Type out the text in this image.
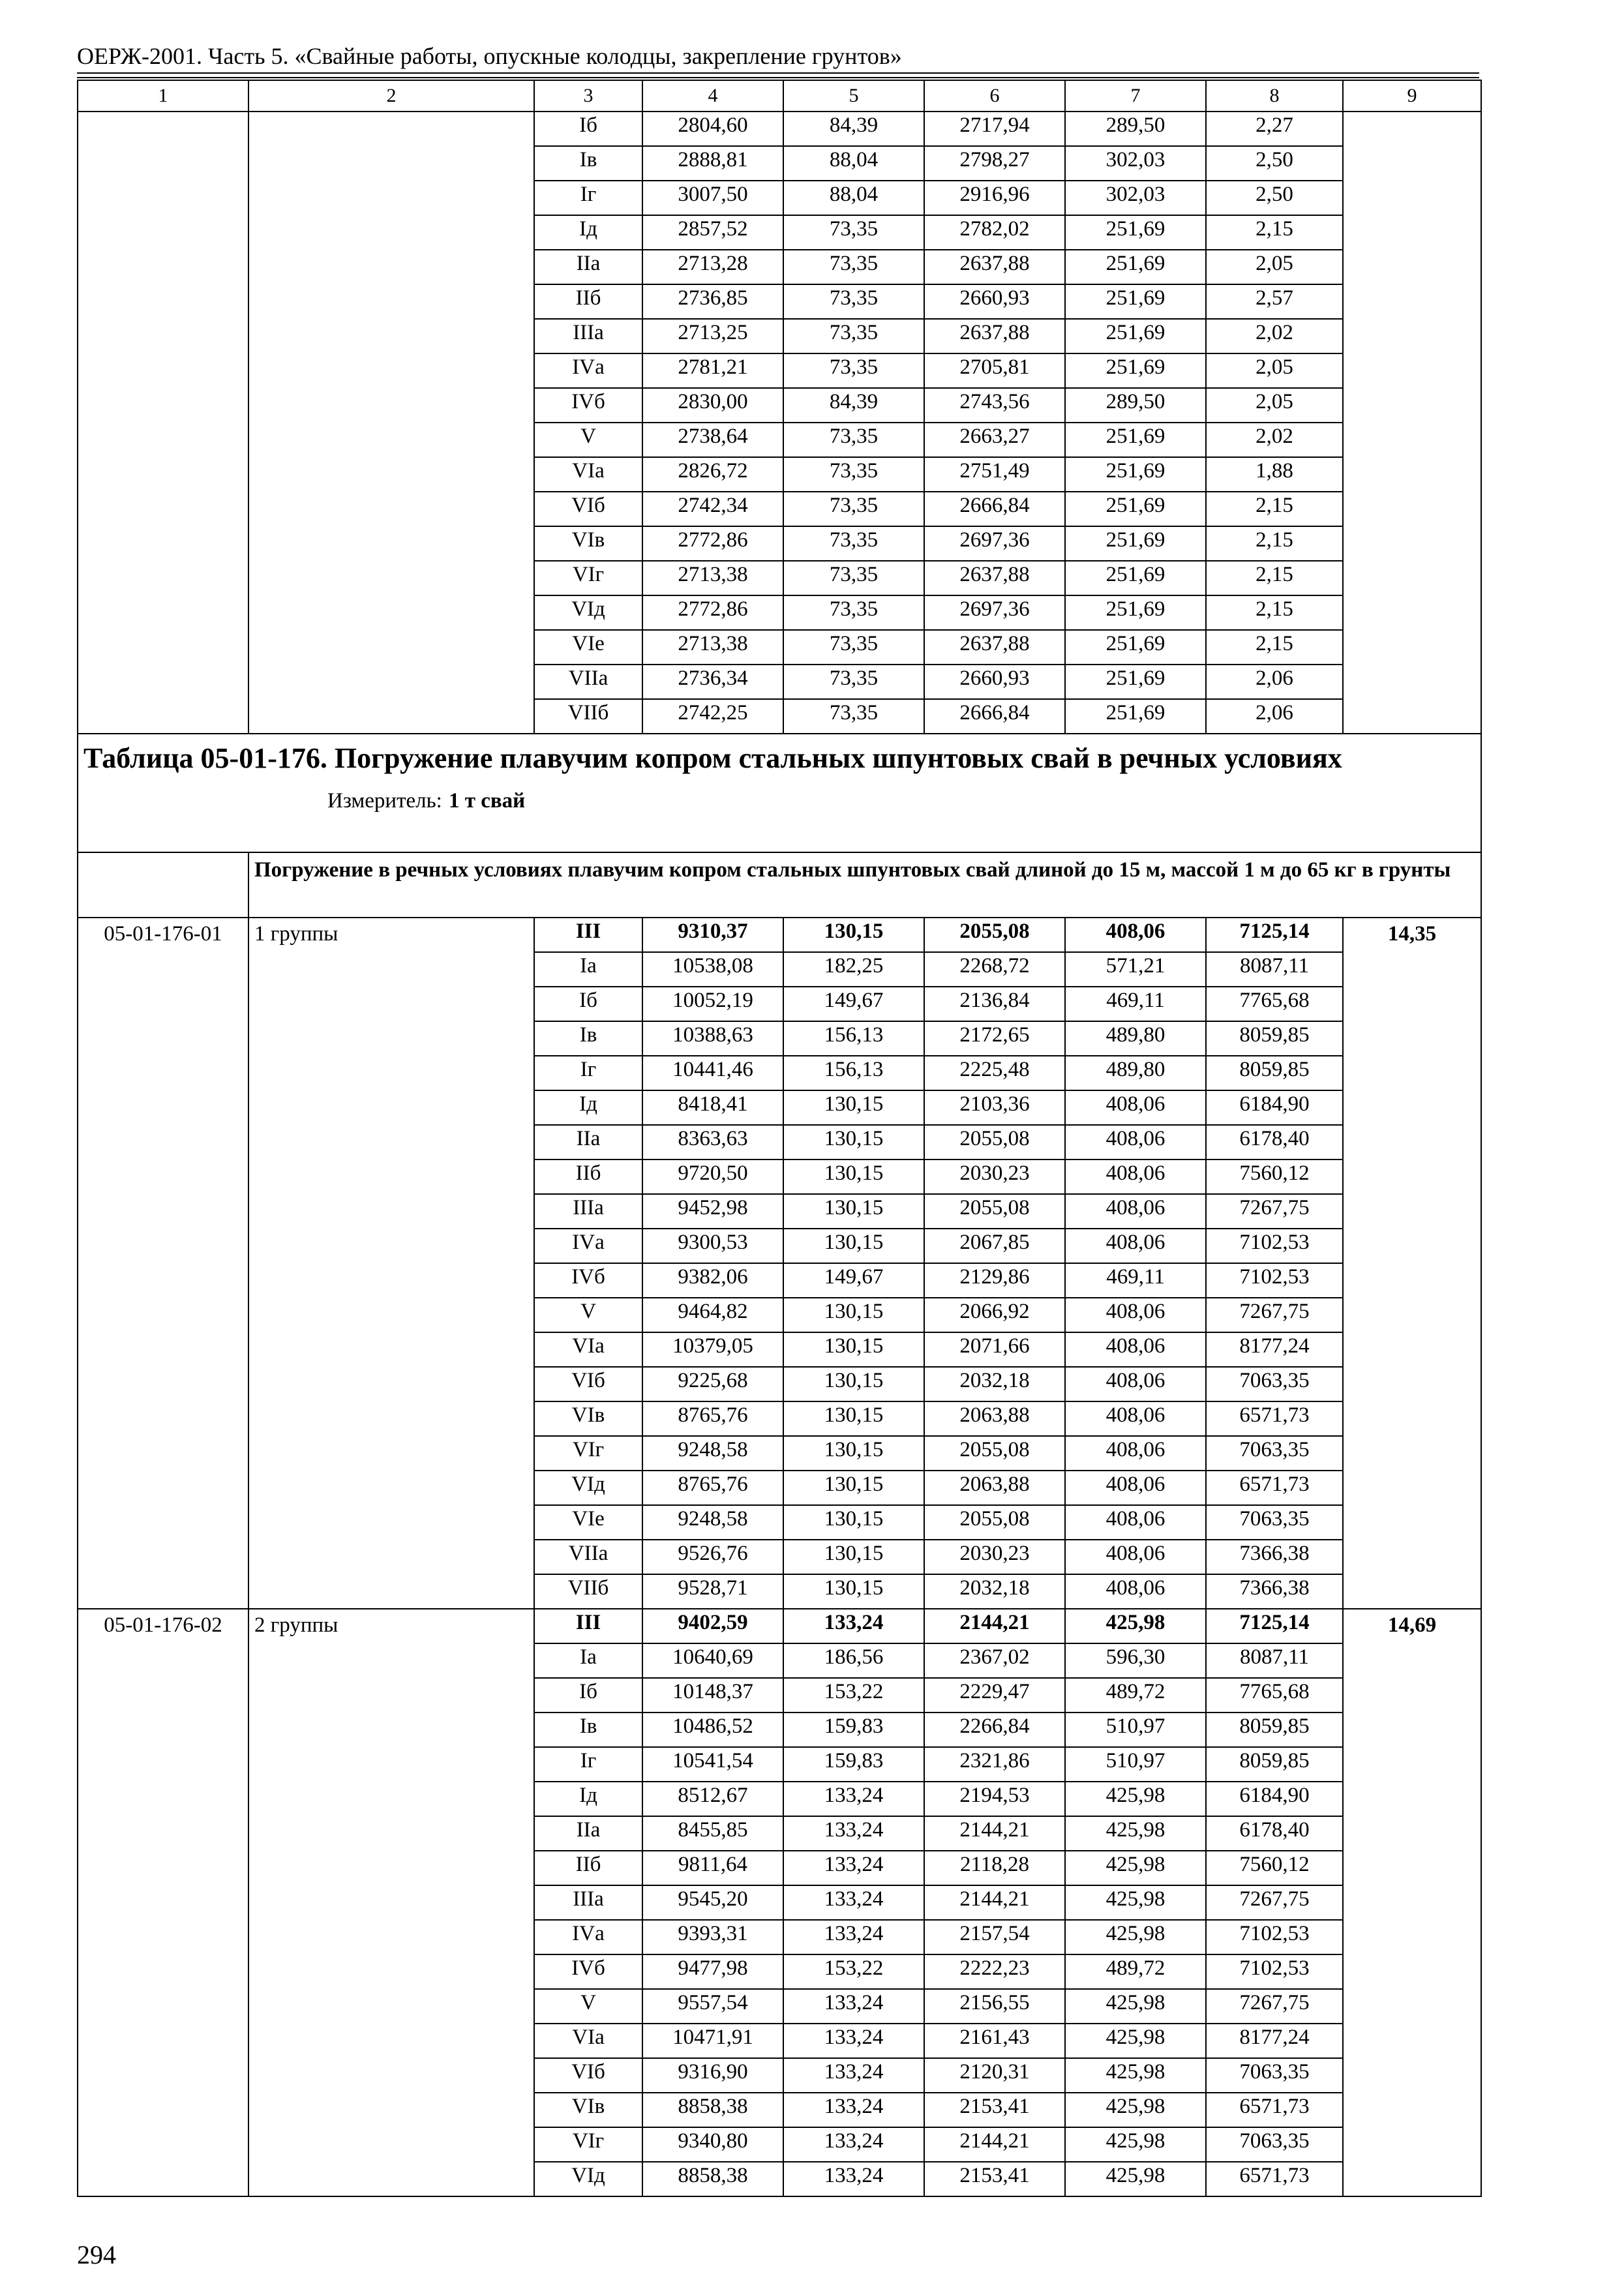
ОЕРЖ-2001. Часть 5. «Свайные работы, опускные колодцы, закрепление грунтов»
1	2	3	4	5	6	7	8	9
		Iб	2804,60	84,39	2717,94	289,50	2,27	
		Iв	2888,81	88,04	2798,27	302,03	2,50	
		Iг	3007,50	88,04	2916,96	302,03	2,50	
		Iд	2857,52	73,35	2782,02	251,69	2,15	
		IIа	2713,28	73,35	2637,88	251,69	2,05	
		IIб	2736,85	73,35	2660,93	251,69	2,57	
		IIIа	2713,25	73,35	2637,88	251,69	2,02	
		IVа	2781,21	73,35	2705,81	251,69	2,05	
		IVб	2830,00	84,39	2743,56	289,50	2,05	
		V	2738,64	73,35	2663,27	251,69	2,02	
		VIа	2826,72	73,35	2751,49	251,69	1,88	
		VIб	2742,34	73,35	2666,84	251,69	2,15	
		VIв	2772,86	73,35	2697,36	251,69	2,15	
		VIг	2713,38	73,35	2637,88	251,69	2,15	
		VIд	2772,86	73,35	2697,36	251,69	2,15	
		VIе	2713,38	73,35	2637,88	251,69	2,15	
		VIIа	2736,34	73,35	2660,93	251,69	2,06	
		VIIб	2742,25	73,35	2666,84	251,69	2,06	

Таблица 05-01-176. Погружение плавучим копром стальных шпунтовых свай в речных условиях
Измеритель: 1 т свай								

	Погружение в речных условиях плавучим копром стальных шпунтовых свай длиной до 15 м, массой 1 м до 65 кг в грунты							
05-01-176-01	1 группы	III	9310,37	130,15	2055,08	408,06	7125,14	14,35
		Iа	10538,08	182,25	2268,72	571,21	8087,11	
		Iб	10052,19	149,67	2136,84	469,11	7765,68	
		Iв	10388,63	156,13	2172,65	489,80	8059,85	
		Iг	10441,46	156,13	2225,48	489,80	8059,85	
		Iд	8418,41	130,15	2103,36	408,06	6184,90	
		IIа	8363,63	130,15	2055,08	408,06	6178,40	
		IIб	9720,50	130,15	2030,23	408,06	7560,12	
		IIIа	9452,98	130,15	2055,08	408,06	7267,75	
		IVа	9300,53	130,15	2067,85	408,06	7102,53	
		IVб	9382,06	149,67	2129,86	469,11	7102,53	
		V	9464,82	130,15	2066,92	408,06	7267,75	
		VIа	10379,05	130,15	2071,66	408,06	8177,24	
		VIб	9225,68	130,15	2032,18	408,06	7063,35	
		VIв	8765,76	130,15	2063,88	408,06	6571,73	
		VIг	9248,58	130,15	2055,08	408,06	7063,35	
		VIд	8765,76	130,15	2063,88	408,06	6571,73	
		VIе	9248,58	130,15	2055,08	408,06	7063,35	
		VIIа	9526,76	130,15	2030,23	408,06	7366,38	
		VIIб	9528,71	130,15	2032,18	408,06	7366,38	
05-01-176-02	2 группы	III	9402,59	133,24	2144,21	425,98	7125,14	14,69
		Iа	10640,69	186,56	2367,02	596,30	8087,11	
		Iб	10148,37	153,22	2229,47	489,72	7765,68	
		Iв	10486,52	159,83	2266,84	510,97	8059,85	
		Iг	10541,54	159,83	2321,86	510,97	8059,85	
		Iд	8512,67	133,24	2194,53	425,98	6184,90	
		IIа	8455,85	133,24	2144,21	425,98	6178,40	
		IIб	9811,64	133,24	2118,28	425,98	7560,12	
		IIIа	9545,20	133,24	2144,21	425,98	7267,75	
		IVа	9393,31	133,24	2157,54	425,98	7102,53	
		IVб	9477,98	153,22	2222,23	489,72	7102,53	
		V	9557,54	133,24	2156,55	425,98	7267,75	
		VIа	10471,91	133,24	2161,43	425,98	8177,24	
		VIб	9316,90	133,24	2120,31	425,98	7063,35	
		VIв	8858,38	133,24	2153,41	425,98	6571,73	
		VIг	9340,80	133,24	2144,21	425,98	7063,35	
		VIд	8858,38	133,24	2153,41	425,98	6571,73	
294
